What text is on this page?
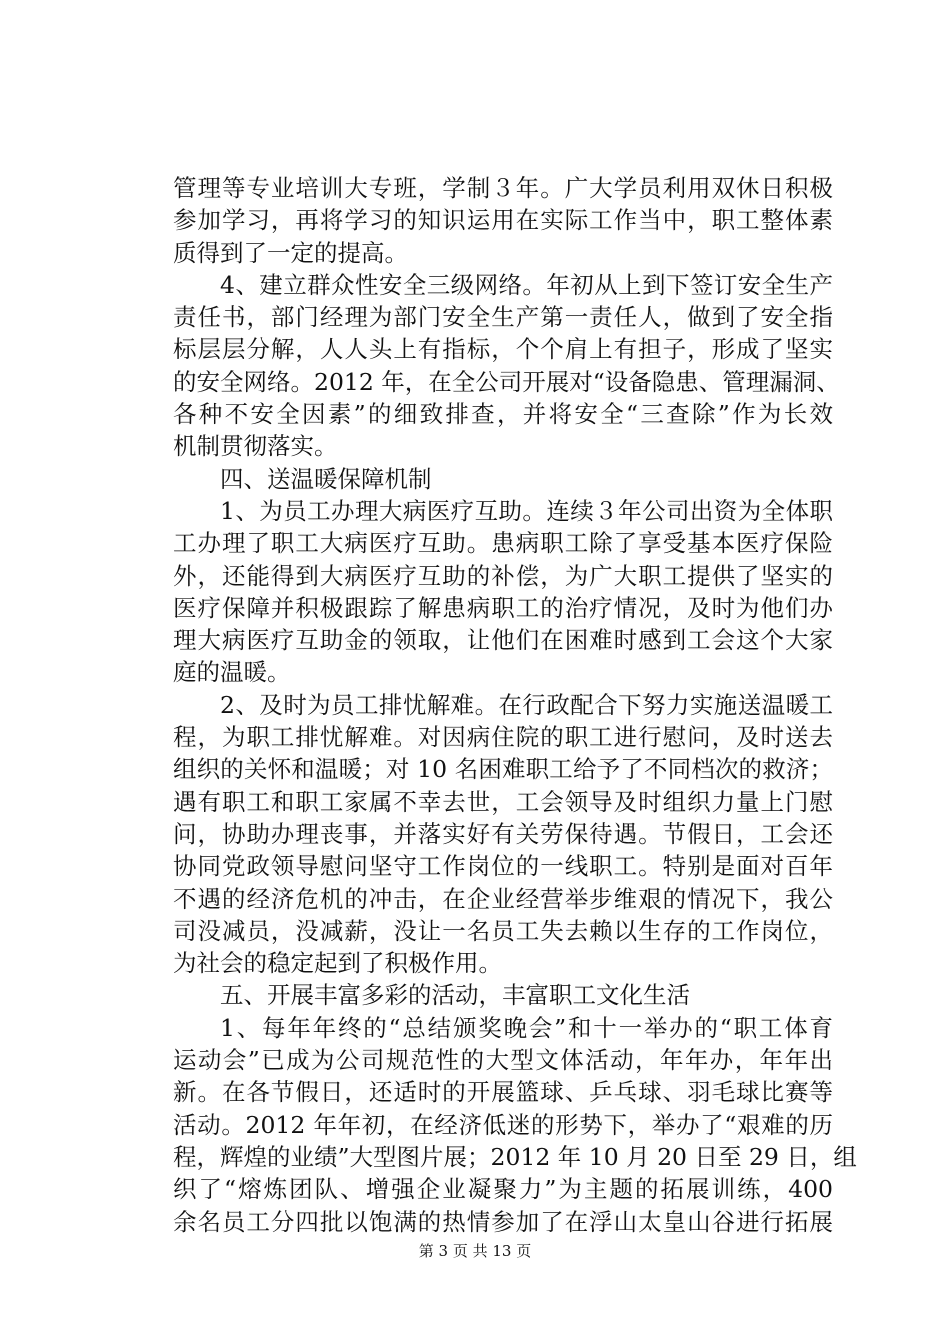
管理等专业培训大专班，学制３年。广大学员利用双休日积极
参加学习，再将学习的知识运用在实际工作当中，职工整体素
质得到了一定的提高。
4、建立群众性安全三级网络。年初从上到下签订安全生产
责任书，部门经理为部门安全生产第一责任人，做到了安全指
标层层分解，人人头上有指标，个个肩上有担子，形成了坚实
的安全网络。2012 年，在全公司开展对“设备隐患、管理漏洞、
各种不安全因素”的细致排查，并将安全“三查除”作为长效
机制贯彻落实。
四、送温暖保障机制
1、为员工办理大病医疗互助。连续３年公司出资为全体职
工办理了职工大病医疗互助。患病职工除了享受基本医疗保险
外，还能得到大病医疗互助的补偿，为广大职工提供了坚实的
医疗保障并积极跟踪了解患病职工的治疗情况，及时为他们办
理大病医疗互助金的领取，让他们在困难时感到工会这个大家
庭的温暖。
2、及时为员工排忧解难。在行政配合下努力实施送温暖工
程，为职工排忧解难。对因病住院的职工进行慰问，及时送去
组织的关怀和温暖；对 10 名困难职工给予了不同档次的救济；
遇有职工和职工家属不幸去世，工会领导及时组织力量上门慰
问，协助办理丧事，并落实好有关劳保待遇。节假日，工会还
协同党政领导慰问坚守工作岗位的一线职工。特别是面对百年
不遇的经济危机的冲击，在企业经营举步维艰的情况下，我公
司没减员，没减薪，没让一名员工失去赖以生存的工作岗位，
为社会的稳定起到了积极作用。
五、开展丰富多彩的活动，丰富职工文化生活
1、每年年终的“总结颁奖晚会”和十一举办的“职工体育
运动会”已成为公司规范性的大型文体活动，年年办，年年出
新。在各节假日，还适时的开展篮球、乒乓球、羽毛球比赛等
活动。2012 年年初，在经济低迷的形势下，举办了“艰难的历
程，辉煌的业绩”大型图片展；2012 年 10 月 20 日至 29 日，组
织了“熔炼团队、增强企业凝聚力”为主题的拓展训练，400
余名员工分四批以饱满的热情参加了在浮山太皇山谷进行拓展
第 3 页 共 13 页
